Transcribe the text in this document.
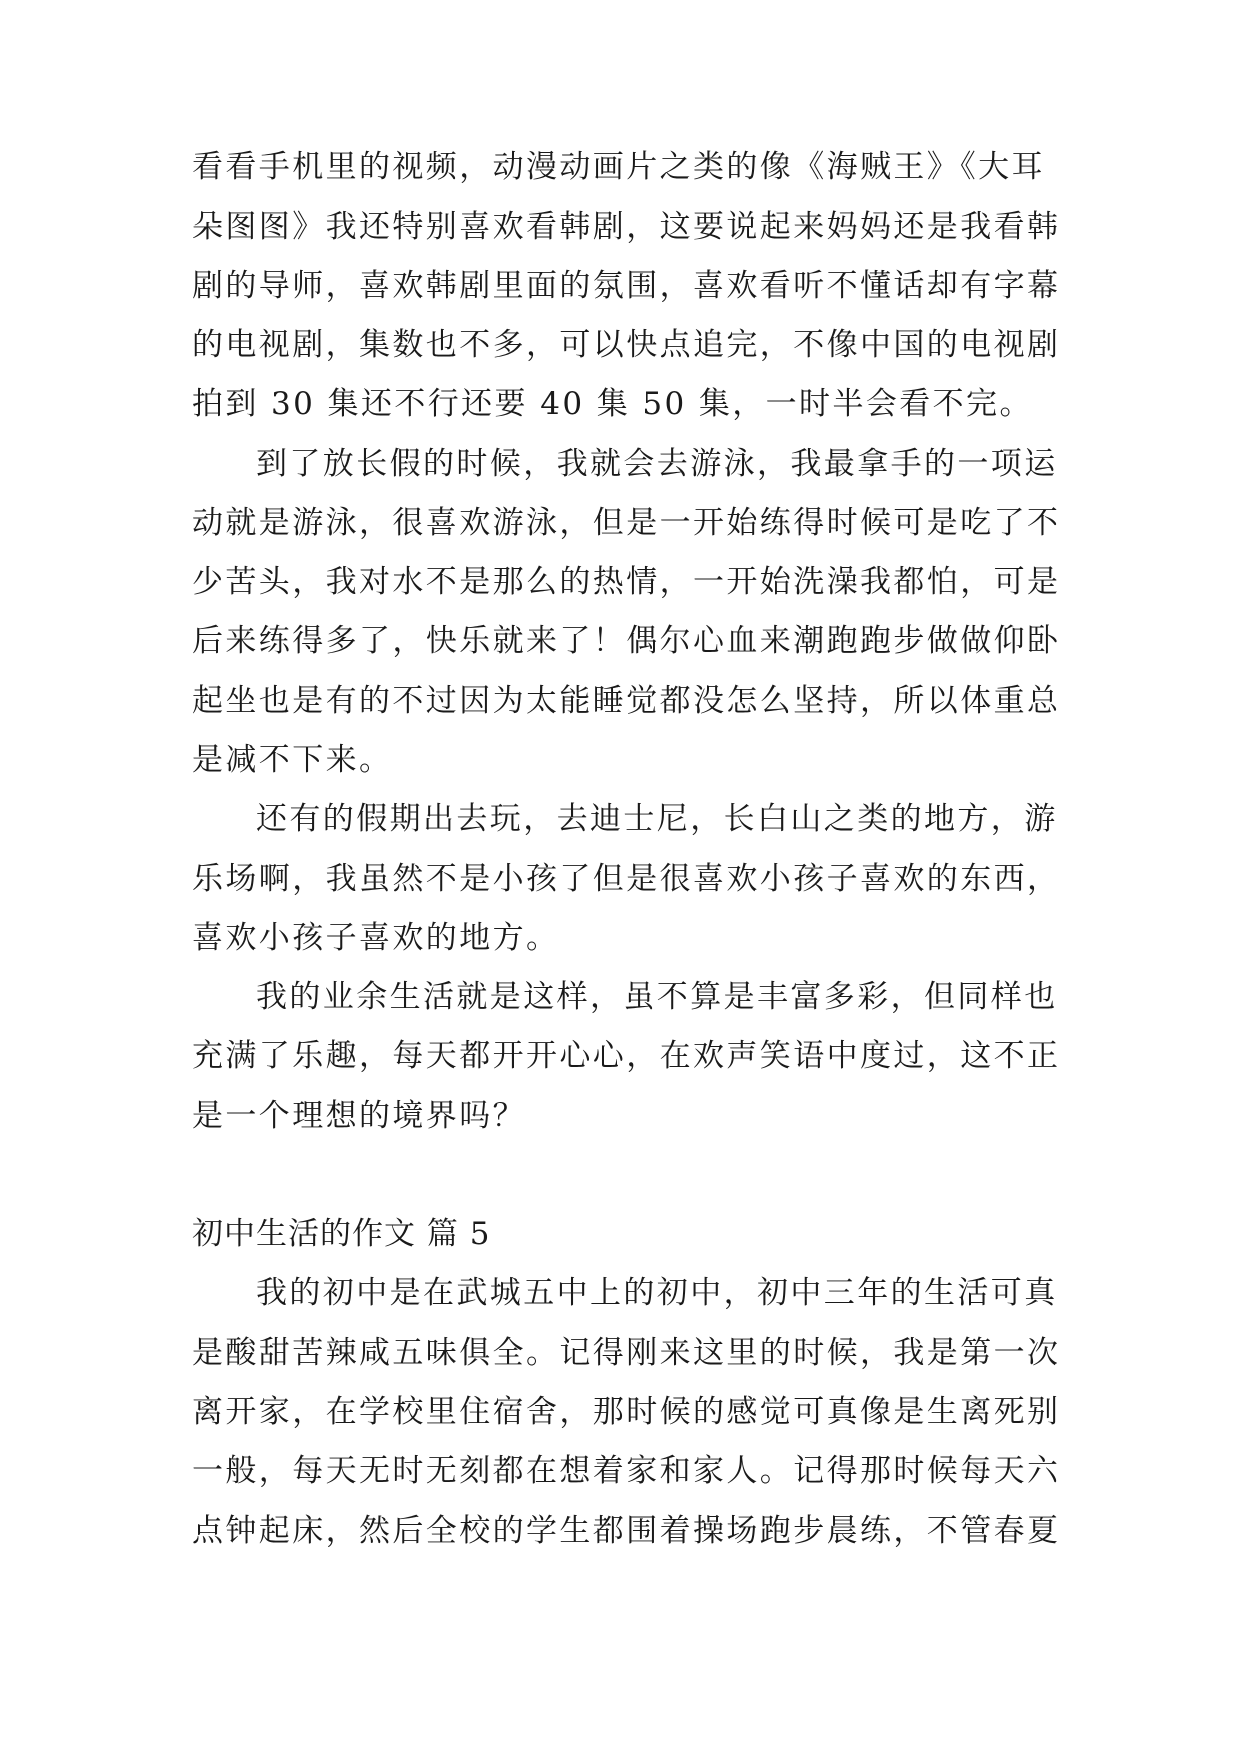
看看手机里的视频，动漫动画片之类的像《海贼王》《大耳

朵图图》我还特别喜欢看韩剧，这要说起来妈妈还是我看韩

剧的导师，喜欢韩剧里面的氛围，喜欢看听不懂话却有字幕

的电视剧，集数也不多，可以快点追完，不像中国的电视剧

拍到 30 集还不行还要 40 集 50 集，一时半会看不完。

到了放长假的时候，我就会去游泳，我最拿手的一项运

动就是游泳，很喜欢游泳，但是一开始练得时候可是吃了不

少苦头，我对水不是那么的热情，一开始洗澡我都怕，可是

后来练得多了，快乐就来了！偶尔心血来潮跑跑步做做仰卧

起坐也是有的不过因为太能睡觉都没怎么坚持，所以体重总

是减不下来。

还有的假期出去玩，去迪士尼，长白山之类的地方，游

乐场啊，我虽然不是小孩了但是很喜欢小孩子喜欢的东西，

喜欢小孩子喜欢的地方。

我的业余生活就是这样，虽不算是丰富多彩，但同样也

充满了乐趣，每天都开开心心，在欢声笑语中度过，这不正

是一个理想的境界吗？

初中生活的作文 篇 5

我的初中是在武城五中上的初中，初中三年的生活可真

是酸甜苦辣咸五味俱全。记得刚来这里的时候，我是第一次

离开家，在学校里住宿舍，那时候的感觉可真像是生离死别

一般，每天无时无刻都在想着家和家人。记得那时候每天六

点钟起床，然后全校的学生都围着操场跑步晨练，不管春夏
